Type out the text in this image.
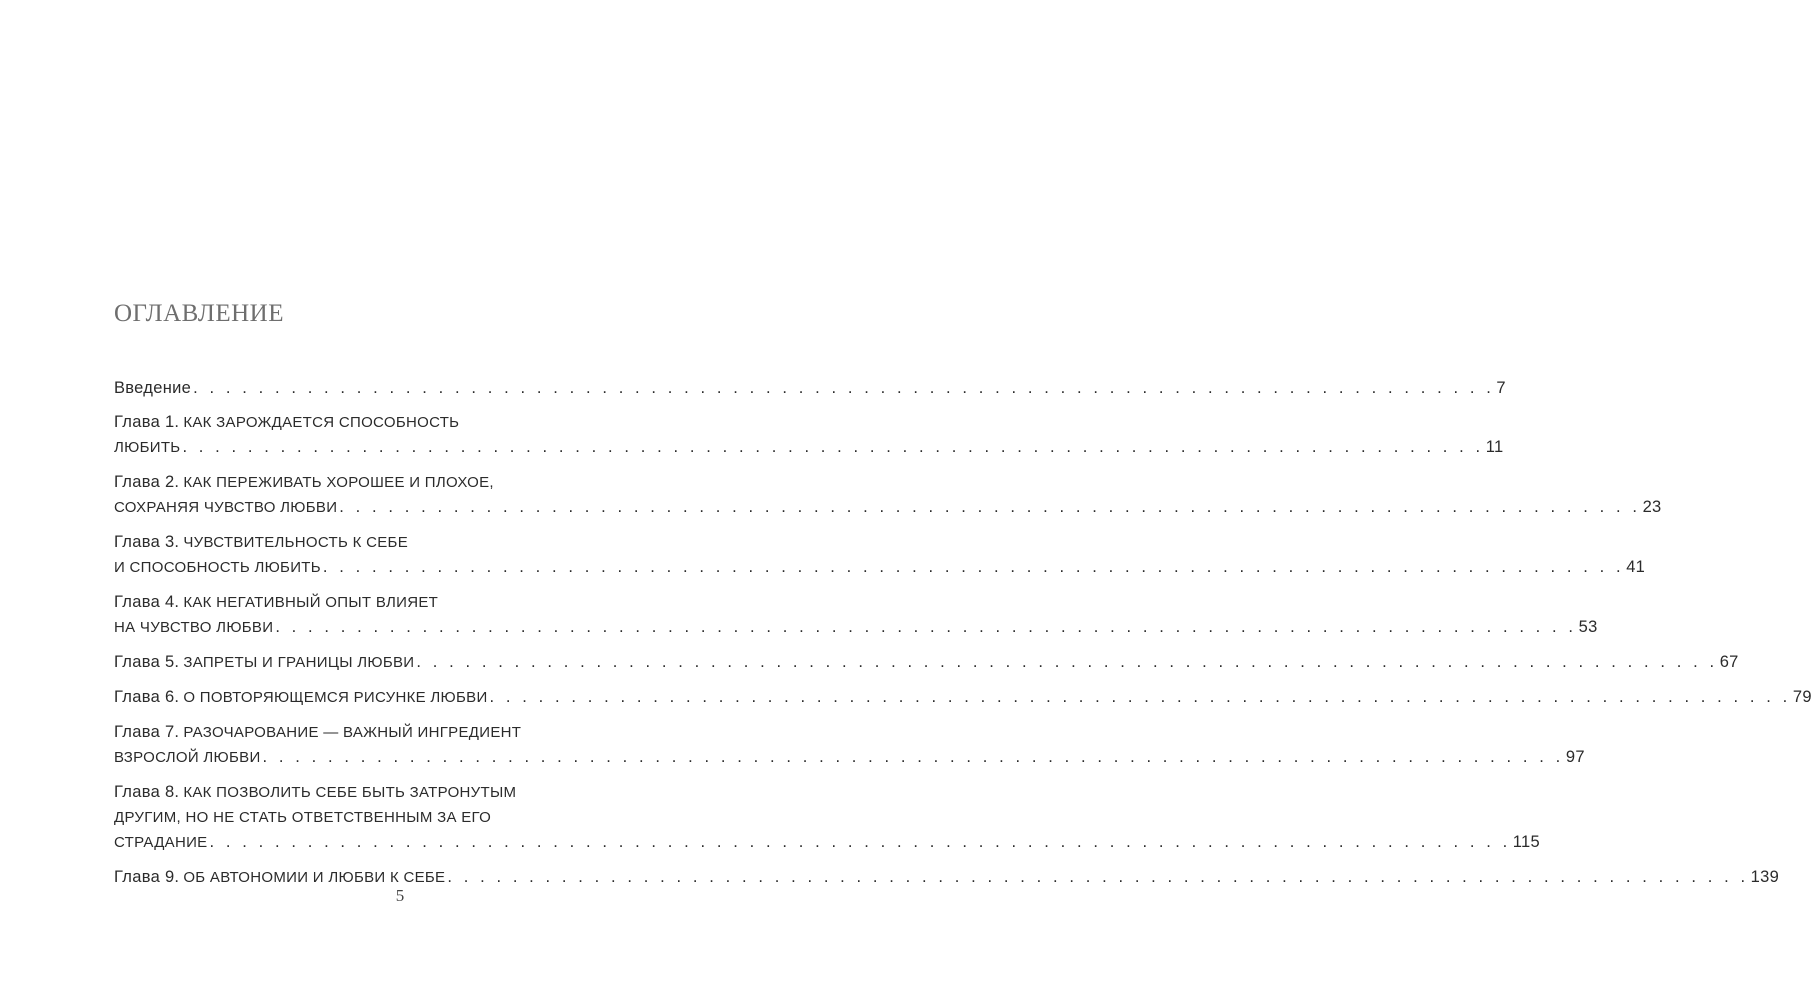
ОГЛАВЛЕНИЕ
Введение . . . . . . . . . . . . . . . . . . . . . . . . . . . . . . . . . . . . . . . . . . . . . . . . . . . . . . . . . . . . . . . . . . . . . . . . . . . . . . . . 7
Глава 1. КАК ЗАРОЖДАЕТСЯ СПОСОБНОСТЬ
ЛЮБИТЬ . . . . . . . . . . . . . . . . . . . . . . . . . . . . . . . . . . . . . . . . . . . . . . . . . . . . . . . . . . . . . . . . . . . . . . . . . . . . . . . . 11
Глава 2. КАК ПЕРЕЖИВАТЬ ХОРОШЕЕ И ПЛОХОЕ,
СОХРАНЯЯ ЧУВСТВО ЛЮБВИ . . . . . . . . . . . . . . . . . . . . . . . . . . . . . . . . . . . . . . . . . . . . . . . . . . . . . . . . . . . . . . . . . . . . . . . . . . . . . . . . 23
Глава 3. ЧУВСТВИТЕЛЬНОСТЬ К СЕБЕ
И СПОСОБНОСТЬ ЛЮБИТЬ . . . . . . . . . . . . . . . . . . . . . . . . . . . . . . . . . . . . . . . . . . . . . . . . . . . . . . . . . . . . . . . . . . . . . . . . . . . . . . . . 41
Глава 4. КАК НЕГАТИВНЫЙ ОПЫТ ВЛИЯЕТ
НА ЧУВСТВО ЛЮБВИ . . . . . . . . . . . . . . . . . . . . . . . . . . . . . . . . . . . . . . . . . . . . . . . . . . . . . . . . . . . . . . . . . . . . . . . . . . . . . . . . 53
Глава 5. ЗАПРЕТЫ И ГРАНИЦЫ ЛЮБВИ . . . . . . . . . . . . . . . . . . . . . . . . . . . . . . . . . . . . . . . . . . . . . . . . . . . . . . . . . . . . . . . . . . . . . . . . . . . . . . . . 67
Глава 6. О ПОВТОРЯЮЩЕМСЯ РИСУНКЕ ЛЮБВИ . . . . . . . . . . . . . . . . . . . . . . . . . . . . . . . . . . . . . . . . . . . . . . . . . . . . . . . . . . . . . . . . . . . . . . . . . . . . . . . . 79
Глава 7. РАЗОЧАРОВАНИЕ — ВАЖНЫЙ ИНГРЕДИЕНТ
ВЗРОСЛОЙ ЛЮБВИ . . . . . . . . . . . . . . . . . . . . . . . . . . . . . . . . . . . . . . . . . . . . . . . . . . . . . . . . . . . . . . . . . . . . . . . . . . . . . . . . 97
Глава 8. КАК ПОЗВОЛИТЬ СЕБЕ БЫТЬ ЗАТРОНУТЫМ
ДРУГИМ, НО НЕ СТАТЬ ОТВЕТСТВЕННЫМ ЗА ЕГО
СТРАДАНИЕ . . . . . . . . . . . . . . . . . . . . . . . . . . . . . . . . . . . . . . . . . . . . . . . . . . . . . . . . . . . . . . . . . . . . . . . . . . . . . . . . 115
Глава 9. ОБ АВТОНОМИИ И ЛЮБВИ К СЕБЕ . . . . . . . . . . . . . . . . . . . . . . . . . . . . . . . . . . . . . . . . . . . . . . . . . . . . . . . . . . . . . . . . . . . . . . . . . . . . . . . . 139
5
